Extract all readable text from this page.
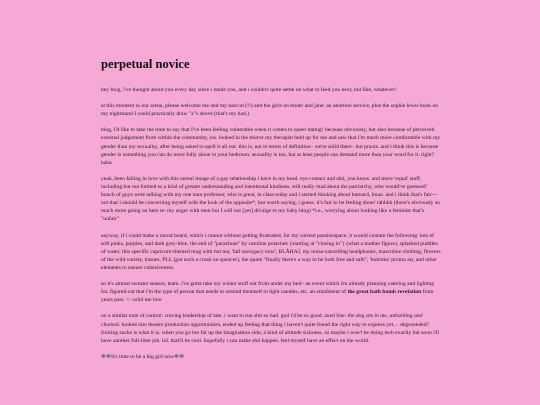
perpetual novice

hey blog, i've thought about you every day since i made you, and i couldn't quite settle on what to feed you next, but like, whatever!

at this moment in our arena, please welcome me and my haircut (!!) and the girls on tinder and jane: an abortion service, plus the sophie lewis book on my nightstand I could practically draw "z"s above (that's my bad.)

blog, I'd like to take the time to say that I've been feeling vulnerable when it comes to queer dating! because obviously, but also because of perceived external judgement from within the community, ow. looked in the mirror my therapist held up for me and saw that I'm much more comfortable with my gender than my sexuality, after being asked to spell it all out. this is, not in terms of definition– we're solid there– but praxis. and i think this is because gender is something you can do more fully alone in your bedroom. sexuality is too, but at least people can demand more than your word for it. right? haha

yeah, been falling in love with this unreal image of a gay relationship i have in my head. eye contact and shit, you know. and more 'equal' stuff, including but not limited to a kind of greater understanding and intentional kindness. still really mad about the patriarchy, who would've guessed? bunch of guys were talking with my one man professor, who is great, in class today and i started thinking about barnard, lmao. and i think that's fair— not that i should be concerning myself with the look of the opposite*, but worth saying, i guess. it's fair to be feeling done! rahhhh (there's obviously so much more going on here re: my anger with men but I will not [yet] divulge to my baby blog) *i.e., worrying about looking like a feminist that's "unfair"

anyway, if i could make a mood board, which i cannot without getting frustrated, for my current passionspace, it would contain the following: lots of soft pinks, purples, and dark grey-blue, the end of "parachute" by caroline polachek {starting at "closing in"} (what a mother figure), splashed puddles of water, this specific capricorn-themed mug with hot tea, 'fall surrogacy now', BLÅHAJ, my noise-cancelling headphones, masculine clothing, flowers of the wild variety, tissues, PLL (got such a crush on spencer), the quote "finally there's a way to be both free and safe", 'bottoms' promo art, and other elements to ensure cohesiveness.

so it's almost sweater season, team. i've gotta take my winter stuff out from under my bed– an event which i'm already planning catering and lighting for. figured out that i'm the type of person that needs to remind themself to light candles, etc. an entailment of the great bath bomb revelation from years past. <- solid me lore

on a similar note of control: craving leadership of late. i want to run shit so bad. god i'd be so good. axed line: the dog sits in me, unbarking and chained. looked into theatre production opportunities, ended up feeling that thing i haven't quite found the right way to express yet… degrounded? fucking sucks is what it is. when you go too far up the imagination side; a kind of altitude sickness. so maybe i won't be doing tech exactly but soon i'll have another full-time job. lol. that'll be cool. hopefully i can make shit happen. feel myself have an effect on the world.

��it's time to be a big girl now��
